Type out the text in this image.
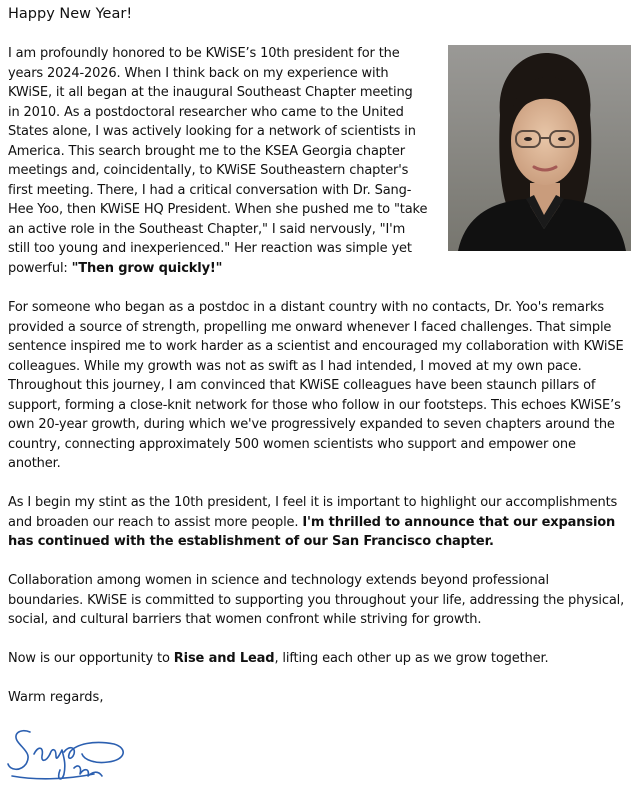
Happy New Year!

I am profoundly honored to be KWiSE’s 10th president for the years 2024-2026. When I think back on my experience with KWiSE, it all began at the inaugural Southeast Chapter meeting in 2010. As a postdoctoral researcher who came to the United States alone, I was actively looking for a network of scientists in America. This search brought me to the KSEA Georgia chapter meetings and, coincidentally, to KWiSE Southeastern chapter's first meeting. There, I had a critical conversation with Dr. Sang-Hee Yoo, then KWiSE HQ President. When she pushed me to "take an active role in the Southeast Chapter," I said nervously, "I'm still too young and inexperienced." Her reaction was simple yet powerful: "Then grow quickly!"

For someone who began as a postdoc in a distant country with no contacts, Dr. Yoo's remarks provided a source of strength, propelling me onward whenever I faced challenges. That simple sentence inspired me to work harder as a scientist and encouraged my collaboration with KWiSE colleagues. While my growth was not as swift as I had intended, I moved at my own pace. Throughout this journey, I am convinced that KWiSE colleagues have been staunch pillars of support, forming a close-knit network for those who follow in our footsteps. This echoes KWiSE’s own 20-year growth, during which we've progressively expanded to seven chapters around the country, connecting approximately 500 women scientists who support and empower one another.

As I begin my stint as the 10th president, I feel it is important to highlight our accomplishments and broaden our reach to assist more people. I'm thrilled to announce that our expansion has continued with the establishment of our San Francisco chapter.

Collaboration among women in science and technology extends beyond professional boundaries. KWiSE is committed to supporting you throughout your life, addressing the physical, social, and cultural barriers that women confront while striving for growth.

Now is our opportunity to Rise and Lead, lifting each other up as we grow together.

Warm regards,
